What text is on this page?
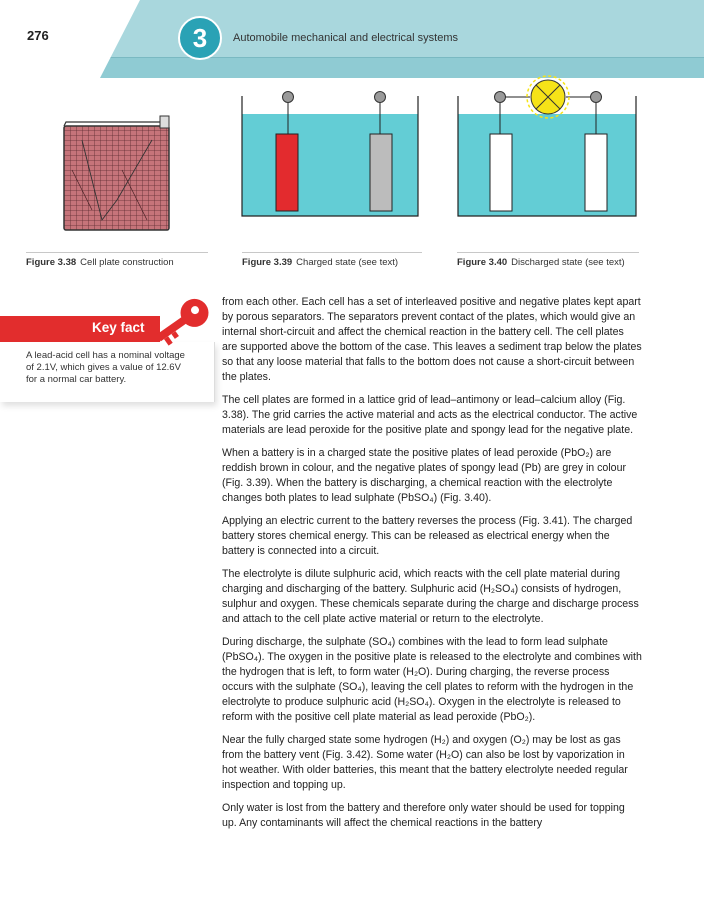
276	3	Automobile mechanical and electrical systems
Figure 3.38 Cell plate construction	Figure 3.39 Charged state (see text)	Figure 3.40 Discharged state (see text)
Key fact
A lead-acid cell has a nominal voltage of 2.1V, which gives a value of 12.6V for a normal car battery.

from each other. Each cell has a set of interleaved positive and negative plates kept apart by porous separators. The separators prevent contact of the plates, which would give an internal short-circuit and affect the chemical reaction in the battery cell. The cell plates are supported above the bottom of the case. This leaves a sediment trap below the plates so that any loose material that falls to the bottom does not cause a short-circuit between the plates.

The cell plates are formed in a lattice grid of lead–antimony or lead–calcium alloy (Fig. 3.38). The grid carries the active material and acts as the electrical conductor. The active materials are lead peroxide for the positive plate and spongy lead for the negative plate.

When a battery is in a charged state the positive plates of lead peroxide (PbO₂) are reddish brown in colour, and the negative plates of spongy lead (Pb) are grey in colour (Fig. 3.39). When the battery is discharging, a chemical reaction with the electrolyte changes both plates to lead sulphate (PbSO₄) (Fig. 3.40).

Applying an electric current to the battery reverses the process (Fig. 3.41). The charged battery stores chemical energy. This can be released as electrical energy when the battery is connected into a circuit.

The electrolyte is dilute sulphuric acid, which reacts with the cell plate material during charging and discharging of the battery. Sulphuric acid (H₂SO₄) consists of hydrogen, sulphur and oxygen. These chemicals separate during the charge and discharge process and attach to the cell plate active material or return to the electrolyte.

During discharge, the sulphate (SO₄) combines with the lead to form lead sulphate (PbSO₄). The oxygen in the positive plate is released to the electrolyte and combines with the hydrogen that is left, to form water (H₂O). During charging, the reverse process occurs with the sulphate (SO₄), leaving the cell plates to reform with the hydrogen in the electrolyte to produce sulphuric acid (H₂SO₄). Oxygen in the electrolyte is released to reform with the positive cell plate material as lead peroxide (PbO₂).

Near the fully charged state some hydrogen (H₂) and oxygen (O₂) may be lost as gas from the battery vent (Fig. 3.42). Some water (H₂O) can also be lost by vaporization in hot weather. With older batteries, this meant that the battery electrolyte needed regular inspection and topping up.

Only water is lost from the battery and therefore only water should be used for topping up. Any contaminants will affect the chemical reactions in the battery
